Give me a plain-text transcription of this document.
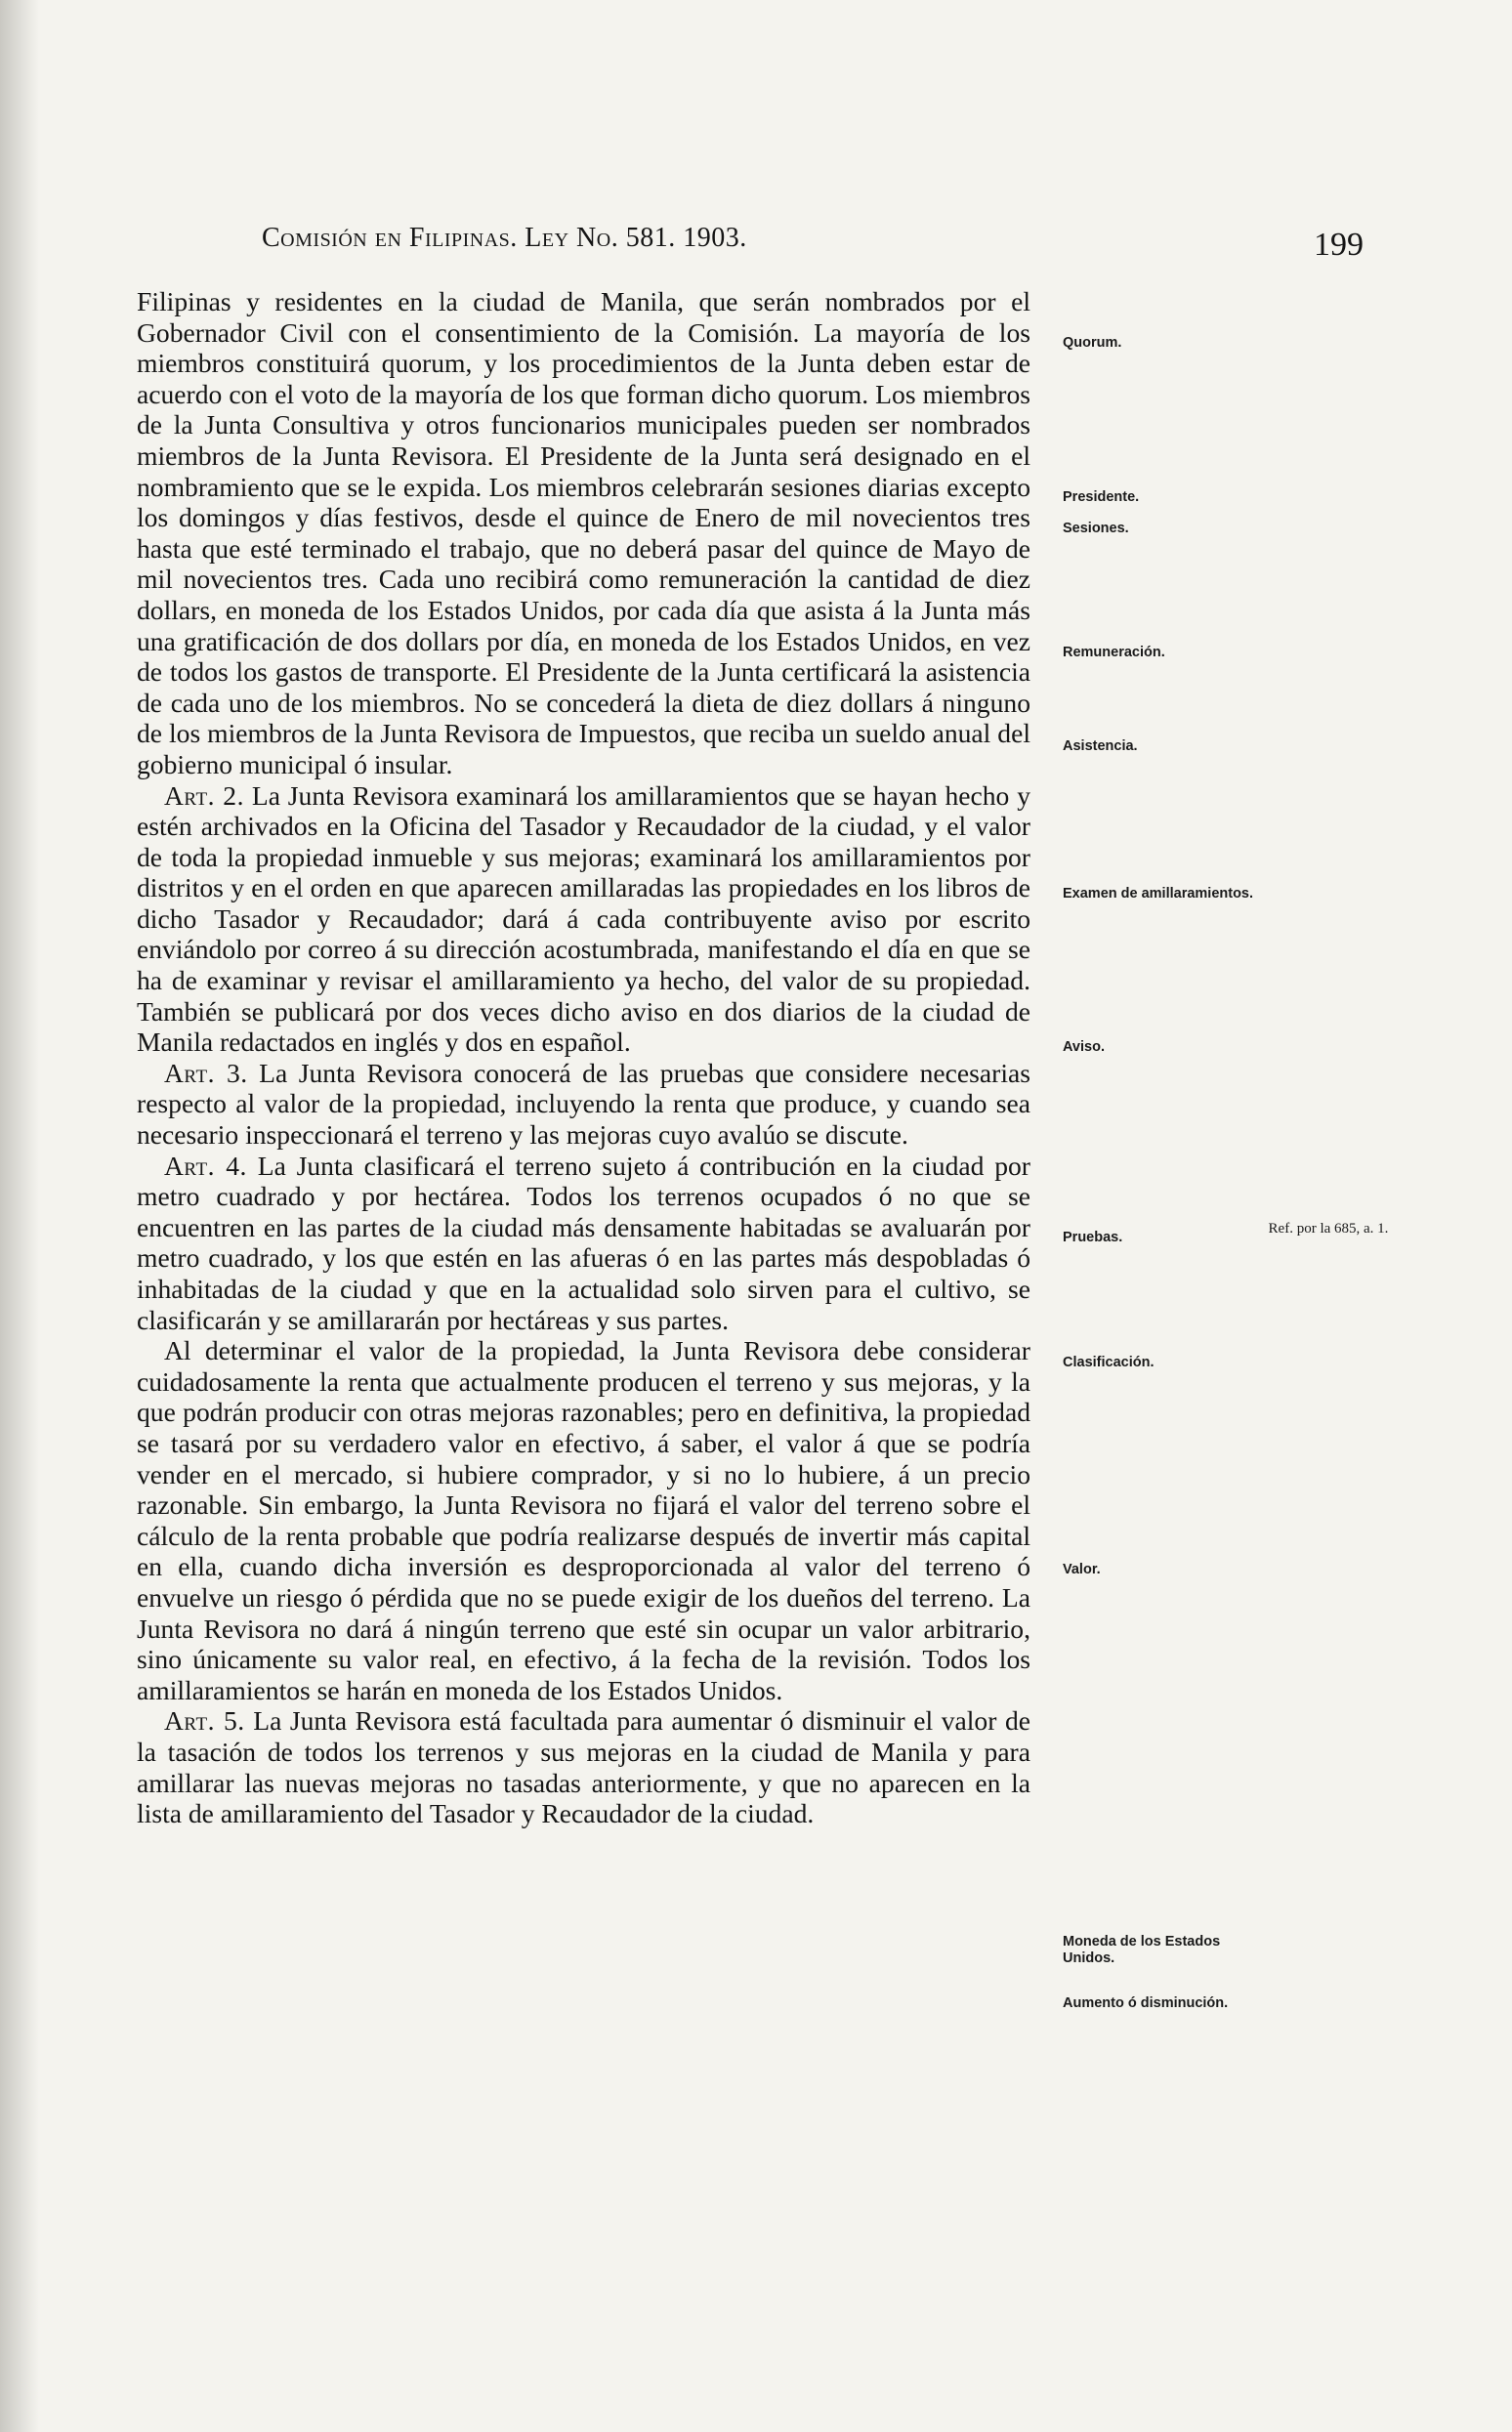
Comisión en Filipinas. Ley No. 581. 1903.	199

Filipinas y residentes en la ciudad de Manila, que serán nombrados por el Gobernador Civil con el consentimiento de la Comisión. La mayoría de los miembros constituirá quorum, y los procedimientos de la Junta deben estar de acuerdo con el voto de la mayoría de los que forman dicho quorum. Los miembros de la Junta Consultiva y otros funcionarios municipales pueden ser nombrados miembros de la Junta Revisora. El Presidente de la Junta será designado en el nombramiento que se le expida. Los miembros celebrarán sesiones diarias excepto los domingos y días festivos, desde el quince de Enero de mil novecientos tres hasta que esté terminado el trabajo, que no deberá pasar del quince de Mayo de mil novecientos tres. Cada uno recibirá como remuneración la cantidad de diez dollars, en moneda de los Estados Unidos, por cada día que asista á la Junta más una gratificación de dos dollars por día, en moneda de los Estados Unidos, en vez de todos los gastos de transporte. El Presidente de la Junta certificará la asistencia de cada uno de los miembros. No se concederá la dieta de diez dollars á ninguno de los miembros de la Junta Revisora de Impuestos, que reciba un sueldo anual del gobierno municipal ó insular.

Art. 2. La Junta Revisora examinará los amillaramientos que se hayan hecho y estén archivados en la Oficina del Tasador y Recaudador de la ciudad, y el valor de toda la propiedad inmueble y sus mejoras; examinará los amillaramientos por distritos y en el orden en que aparecen amillaradas las propiedades en los libros de dicho Tasador y Recaudador; dará á cada contribuyente aviso por escrito enviándolo por correo á su dirección acostumbrada, manifestando el día en que se ha de examinar y revisar el amillaramiento ya hecho, del valor de su propiedad. También se publicará por dos veces dicho aviso en dos diarios de la ciudad de Manila redactados en inglés y dos en español.

Art. 3. La Junta Revisora conocerá de las pruebas que considere necesarias respecto al valor de la propiedad, incluyendo la renta que produce, y cuando sea necesario inspeccionará el terreno y las mejoras cuyo avalúo se discute.

Art. 4. La Junta clasificará el terreno sujeto á contribución en la ciudad por metro cuadrado y por hectárea. Todos los terrenos ocupados ó no que se encuentren en las partes de la ciudad más densamente habitadas se avaluarán por metro cuadrado, y los que estén en las afueras ó en las partes más despobladas ó inhabitadas de la ciudad y que en la actualidad solo sirven para el cultivo, se clasificarán y se amillararán por hectáreas y sus partes.

Al determinar el valor de la propiedad, la Junta Revisora debe considerar cuidadosamente la renta que actualmente producen el terreno y sus mejoras, y la que podrán producir con otras mejoras razonables; pero en definitiva, la propiedad se tasará por su verdadero valor en efectivo, á saber, el valor á que se podría vender en el mercado, si hubiere comprador, y si no lo hubiere, á un precio razonable. Sin embargo, la Junta Revisora no fijará el valor del terreno sobre el cálculo de la renta probable que podría realizarse después de invertir más capital en ella, cuando dicha inversión es desproporcionada al valor del terreno ó envuelve un riesgo ó pérdida que no se puede exigir de los dueños del terreno. La Junta Revisora no dará á ningún terreno que esté sin ocupar un valor arbitrario, sino únicamente su valor real, en efectivo, á la fecha de la revisión. Todos los amillaramientos se harán en moneda de los Estados Unidos.

Art. 5. La Junta Revisora está facultada para aumentar ó disminuir el valor de la tasación de todos los terrenos y sus mejoras en la ciudad de Manila y para amillarar las nuevas mejoras no tasadas anteriormente, y que no aparecen en la lista de amillaramiento del Tasador y Recaudador de la ciudad.

Quorum.
Presidente.
Sesiones.
Remuneración.
Asistencia.
Examen de amillaramientos.
Aviso.
Pruebas.
Ref. por la 685, a. 1.
Clasificación.
Valor.
Moneda de los Estados Unidos.
Aumento ó disminución.
